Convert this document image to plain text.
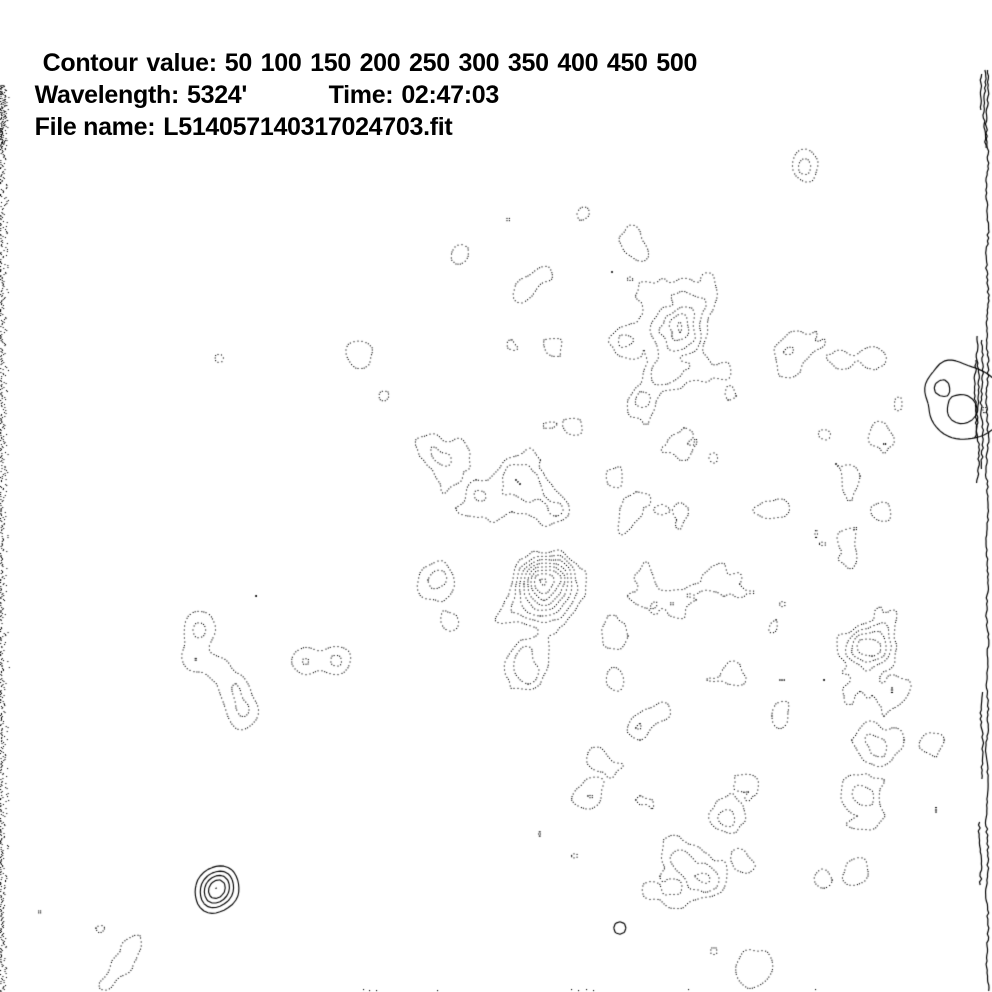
Contour value: 50 100 150 200 250 300 350 400 450 500

Wavelength: 5324'
	Time: 02:47:03

File name: L514057140317024703.fit
